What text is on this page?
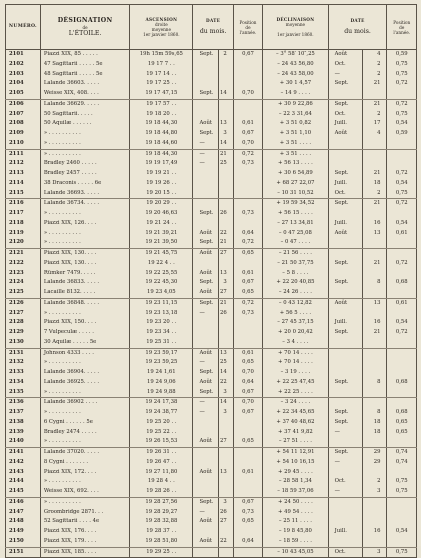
NUMÉRO.	DÉSIGNATION
de
L'ÉTOILE.	ASCENSION
droite
moyenne
1er janvier 1860.	DATE

du mois.		Position
de
l'année.	DÉCLINAISON
moyenne

1er janvier 1860.	DATE

du mois.		Position
de
l'année.

2101	Piazzi XIX, 85 . . . . .	19h 15m 59s,65	Sept.	2	0,67	– 3° 58′ 10″,25	Août	4	0,59
2102	47 Sagittarii . . . . . 5e	19 17 7 . .				– 24 43 56,80	Oct.	2	0,75
2103	48 Sagittarii . . . . . 5e	19 17 14 . .				– 24 43 58,00	—	2	0,75
2104	Lalande 36603. . . . .	19 17 25 . .				+ 30 1 4,57	Sept.	21	0,72
2105	Weisse XIX, 408. . . .	19 17 47,15	Sept.	14	0,70	– 14 9 . . . .			
2106	Lalande 36629. . . . .	19 17 57 . .				+ 30 9 22,86	Sept.	21	0,72
2107	50 Sagittarii. . . . .	19 18 20 . .				– 22 3 31,64	Oct.	2	0,75
2108	50 Aquilæ . . . . . .	19 18 44,30	Août	13	0,61	+ 3 51 0,82	Juill.	17	0,54
2109	» . . . . . . . . . .	19 18 44,80	Sept.	3	0,67	+ 3 51 1,10	Août	4	0,59
2110	» . . . . . . . . . .	19 18 44,60	—	14	0,70	+ 3 51 . . . .			
2111	» . . . . . . . . . .	19 18 44,30	—	21	0,72	+ 3 51 . . . .			
2112	Bradley 2460 . . . . .	19 19 17,49	—	25	0,73	+ 56 13 . . . .			
2113	Bradley 2457 . . . . .	19 19 21 . .				+ 30 6 54,89	Sept.	21	0,72
2114	38 Draconis . . . . . 6e	19 19 26 . .				+ 68 27 22,07	Juill.	18	0,54
2115	Lalande 36693. . . . .	19 20 15 . .				– 10 31 10,52	Oct.	2	0,75
2116	Lalande 36734. . . . .	19 20 29 . .				+ 19 59 34,52	Sept.	21	0,72
2117	» . . . . . . . . . .	19 20 46,63	Sept.	26	0,73	+ 56 15 . . . .			
2118	Piazzi XIX, 126. . . .	19 21 24 . .				– 27 13 34,81	Juill.	16	0,54
2119	» . . . . . . . . . .	19 21 39,21	Août	22	0,64	– 0 47 25,08	Août	13	0,61
2120	» . . . . . . . . . .	19 21 39,50	Sept.	21	0,72	– 0 47 . . . .			
2121	Piazzi XIX, 130. . . .	19 21 45,75	Août	27	0,65	– 21 56 . . . .			
2122	Piazzi XIX, 130. . . .	19 22 4 . .				– 21 50 37,75	Sept.	21	0,72
2123	Rümker 7479. . . . .	19 22 25,55	Août	13	0,61	– 5 8 . . . .			
2124	Lalande 36833. . . . .	19 22 45,30	Sept.	3	0,67	+ 22 20 40,85	Sept.	8	0,68
2125	Lacaille 8132. . . . .	19 23 4,05	Août	27	0,65	– 24 26 . . . .			
2126	Lalande 36848. . . . .	19 23 11,15	Sept.	21	0,72	– 0 43 12,82	Août	13	0,61
2127	» . . . . . . . . . .	19 23 13,18	—	26	0,73	+ 56 5 . . . .			
2128	Piazzi XIX, 150. . . .	19 23 20 . .				– 27 45 37,15	Juill.	16	0,54
2129	7 Vulpeculæ . . . . .	19 23 34 . .				+ 20 0 20,42	Sept.	21	0,72
2130	30 Aquilæ . . . . . 5e	19 25 31 . .				– 3 4 . . . .			
2131	Johnson 4333 . . . .	19 23 59,17	Août	13	0,61	+ 70 14 . . . .			
2132	» . . . . . . . . . .	19 23 59,25	—	25	0,65	+ 70 14 . . . .			
2133	Lalande 36904. . . . .	19 24 1,61	Sept.	14	0,70	– 3 19 . . . .			
2134	Lalande 36925. . . . .	19 24 9,06	Août	22	0,64	+ 22 25 47,45	Sept.	8	0,68
2135	» . . . . . . . . . .	19 24 9,88	Sept.	3	0,67	+ 22 25 . . . .			
2136	Lalande 36902 . . . .	19 24 17,38	—	14	0,70	– 3 24 . . . .			
2137	» . . . . . . . . . .	19 24 38,77	—	3	0,67	+ 22 34 45,65	Sept.	8	0,68
2138	6 Cygni . . . . . . 5e	19 25 20 . .				+ 37 40 48,62	Sept.	18	0,65
2139	Bradley 2474 . . . . .	19 25 22 . .				+ 37 41 9,82	—	18	0,65
2140	» . . . . . . . . . .	19 26 15,53	Août	27	0,65	– 27 51 . . . .			
2141	Lalande 37020. . . . .	19 26 31 . .				+ 54 11 12,91	Sept.	29	0,74
2142	8 Cygni . . . . . . .	19 26 47 . .				+ 54 10 16,15	—	29	0,74
2143	Piazzi XIX, 172. . . .	19 27 11,80	Août	13	0,61	+ 29 45 . . . .			
2144	» . . . . . . . . . .	19 28 4 . .				– 28 58 1,34	Oct.	2	0,75
2145	Weisse XIX, 692. . . .	19 28 26 . .				– 18 59 37,06	—	3	0,75
2146	» . . . . . . . . . .	19 28 27,56	Sept.	3	0,67	+ 24 50 . . . .			
2147	Groombridge 2871. . .	19 28 29,27	—	26	0,73	+ 49 54 . . . .			
2148	52 Sagittarii . . . . 4e	19 28 32,88	Août	27	0,65	– 25 11 . . . .			
2149	Piazzi XIX, 176. . . .	19 28 37 . .				– 19 8 45,80	Juill.	16	0,54
2150	Piazzi XIX, 179. . . .	19 28 51,80	Août	22	0,64	– 18 59 . . . .			
2151	Piazzi XIX, 185. . . .	19 29 25 . .				– 10 43 45,05	Oct.	3	0,75
